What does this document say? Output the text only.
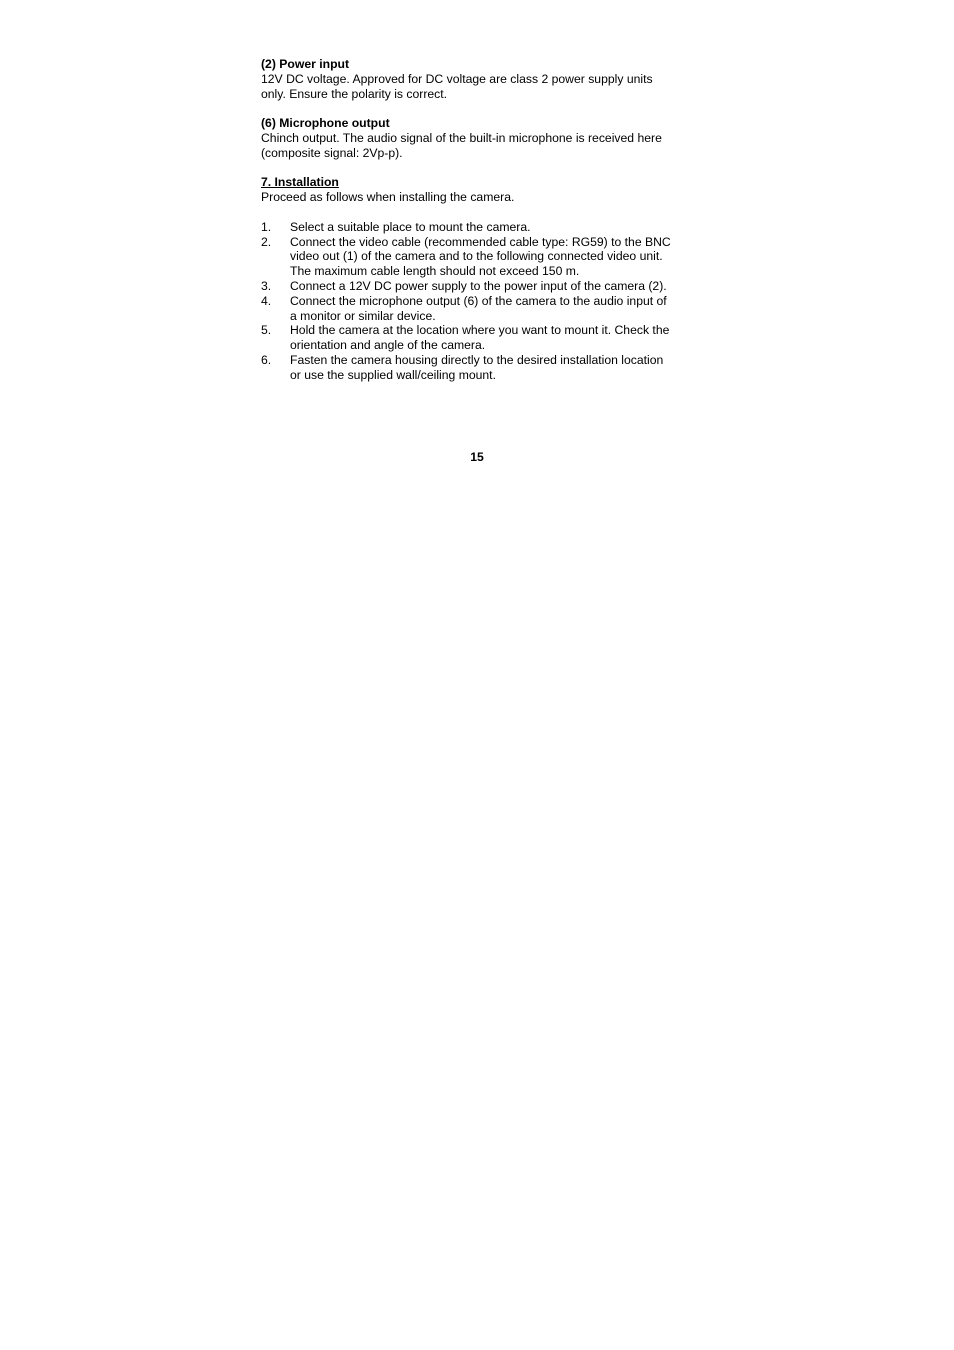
(2) Power input
12V DC voltage. Approved for DC voltage are class 2 power supply units
only. Ensure the polarity is correct.
(6) Microphone output
Chinch output. The audio signal of the built-in microphone is received here
(composite signal: 2Vp-p).
7. Installation
Proceed as follows when installing the camera.
1.	Select a suitable place to mount the camera.
2.	Connect the video cable (recommended cable type: RG59) to the BNC
video out (1) of the camera and to the following connected video unit.
The maximum cable length should not exceed 150 m.
3.	Connect a 12V DC power supply to the power input of the camera (2).
4.	Connect the microphone output (6) of the camera to the audio input of
a monitor or similar device.
5.	Hold the camera at the location where you want to mount it. Check the
orientation and angle of the camera.
6.	Fasten the camera housing directly to the desired installation location
or use the supplied wall/ceiling mount.
15
